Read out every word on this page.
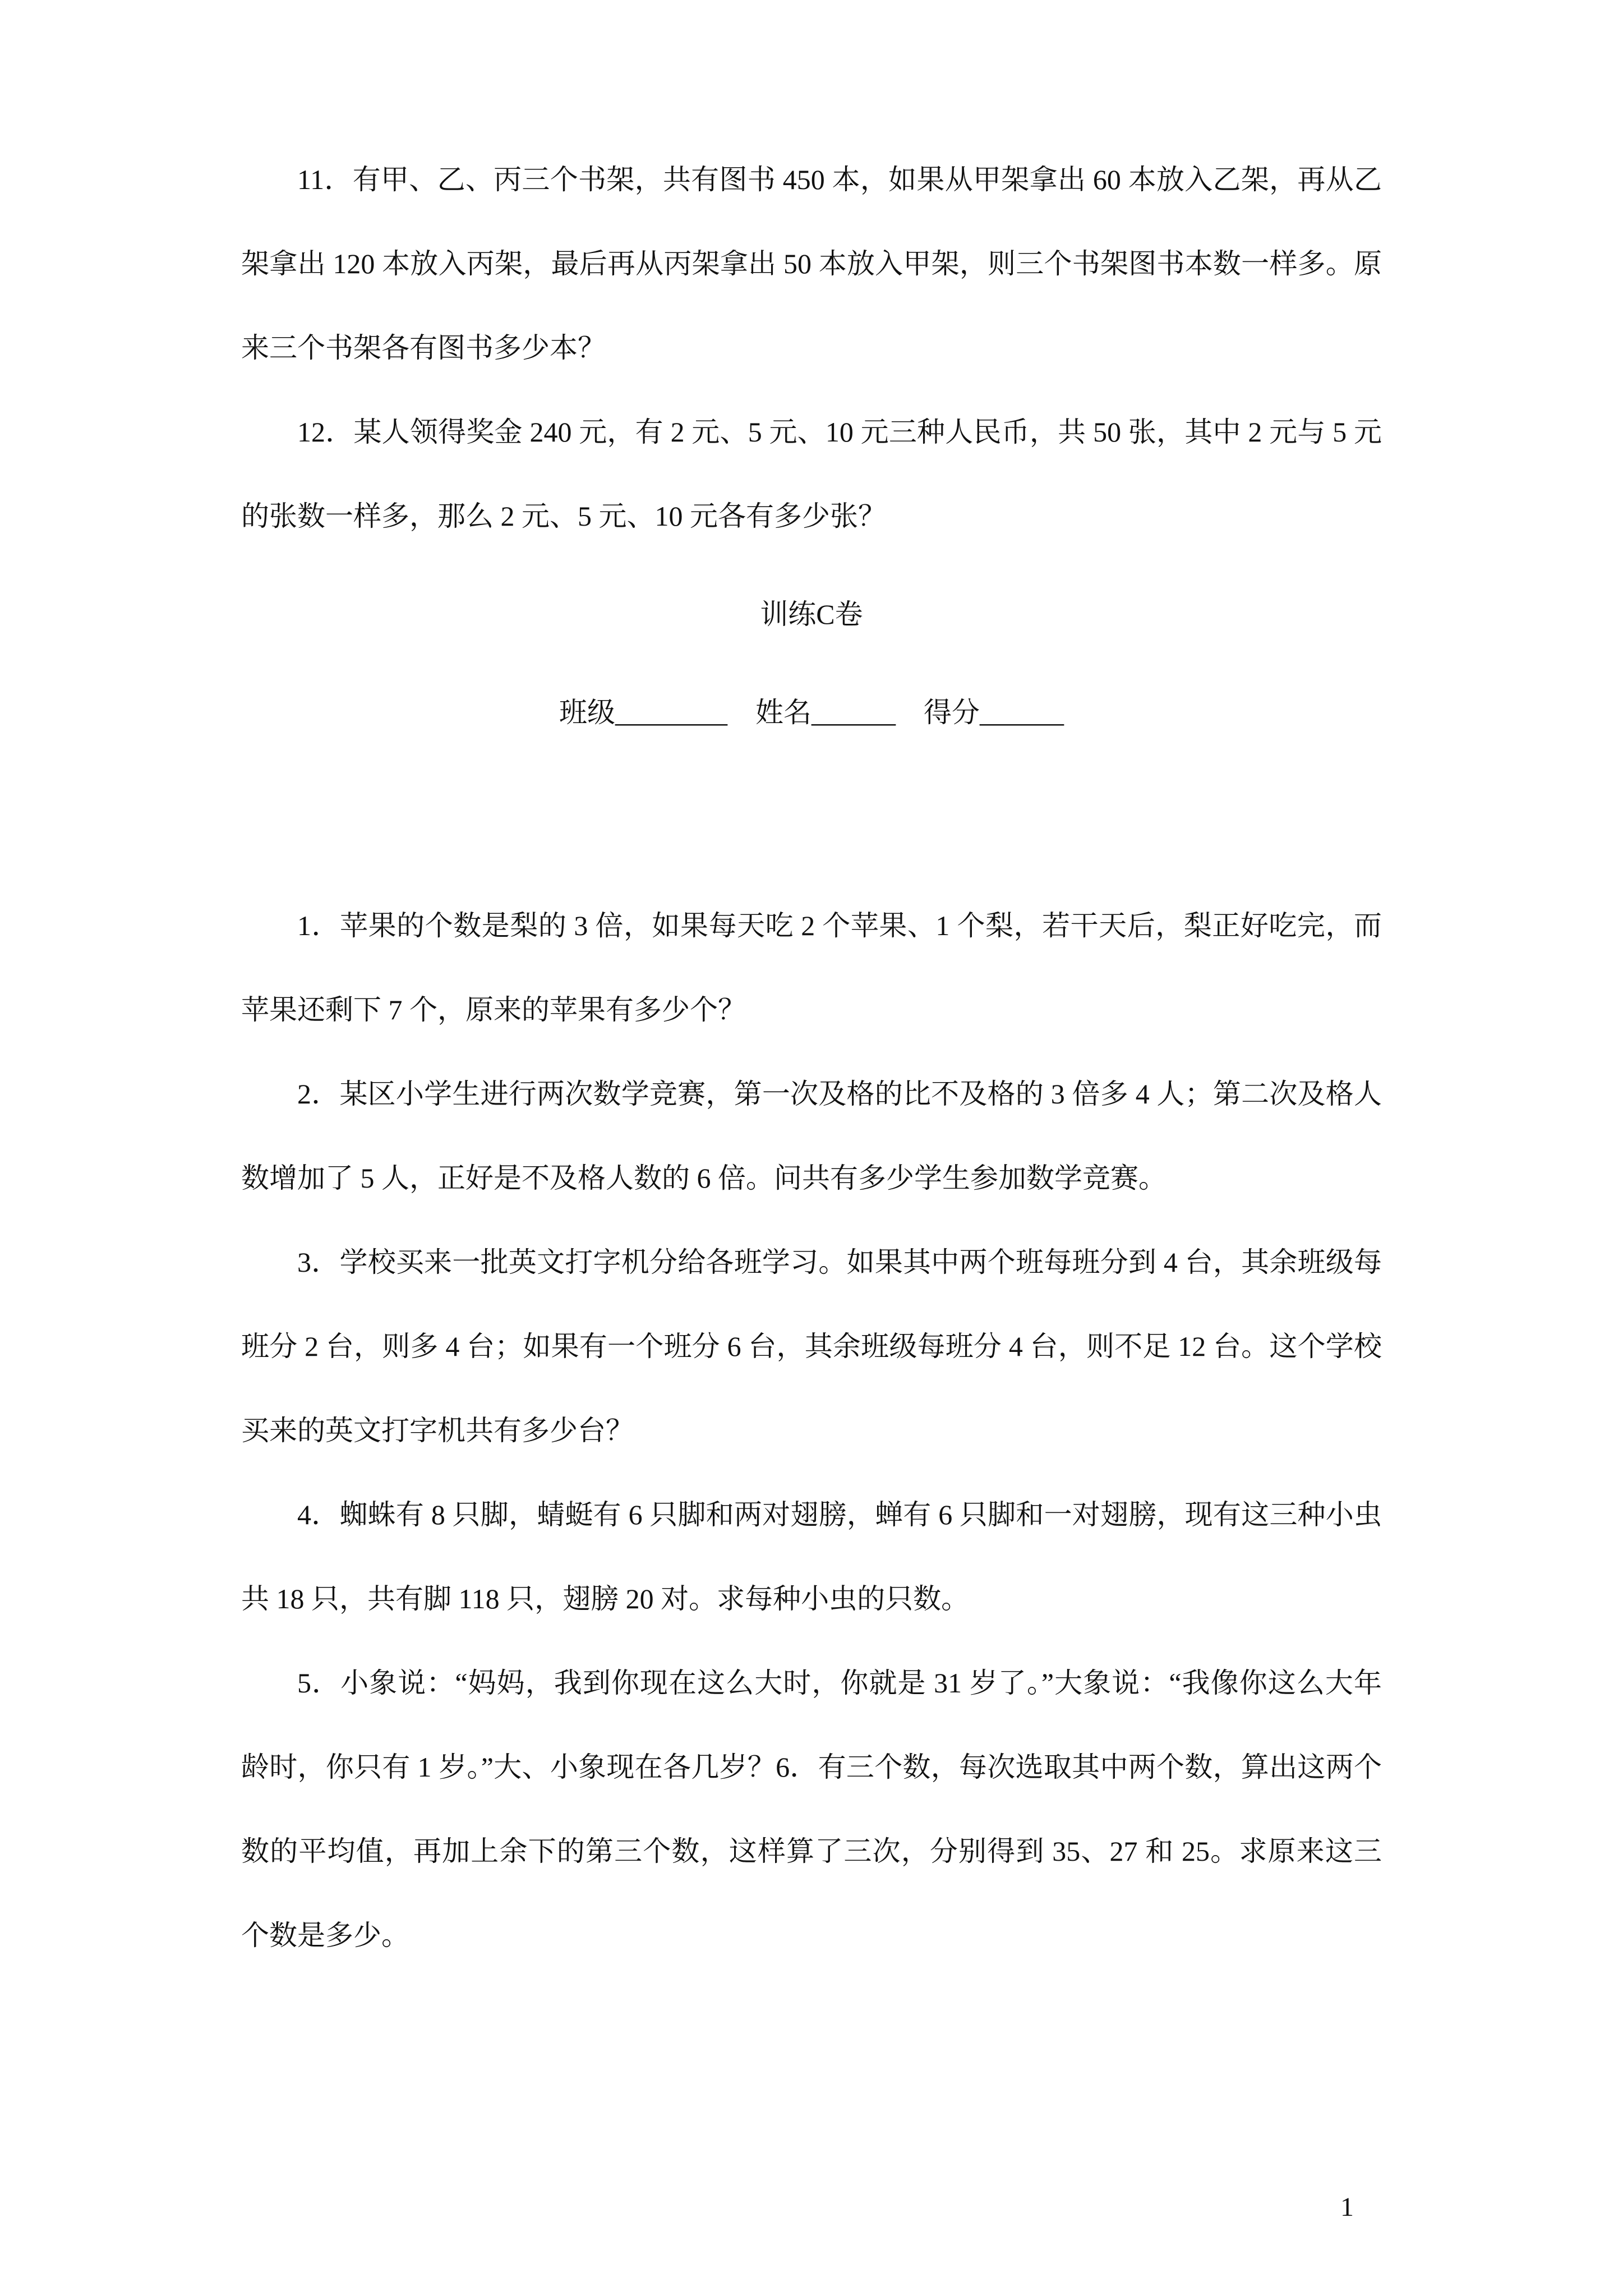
11．有甲、乙、丙三个书架，共有图书 450 本，如果从甲架拿出 60 本放入乙架，再从乙架拿出 120 本放入丙架，最后再从丙架拿出 50 本放入甲架，则三个书架图书本数一样多。原来三个书架各有图书多少本？

12．某人领得奖金 240 元，有 2 元、5 元、10 元三种人民币，共 50 张，其中 2 元与 5 元的张数一样多，那么 2 元、5 元、10 元各有多少张？

训练C卷

班级________　姓名______　得分______

1．苹果的个数是梨的 3 倍，如果每天吃 2 个苹果、1 个梨，若干天后，梨正好吃完，而苹果还剩下 7 个，原来的苹果有多少个？

2．某区小学生进行两次数学竞赛，第一次及格的比不及格的 3 倍多 4 人；第二次及格人数增加了 5 人，正好是不及格人数的 6 倍。问共有多少学生参加数学竞赛。

3．学校买来一批英文打字机分给各班学习。如果其中两个班每班分到 4 台，其余班级每班分 2 台，则多 4 台；如果有一个班分 6 台，其余班级每班分 4 台，则不足 12 台。这个学校买来的英文打字机共有多少台？

4．蜘蛛有 8 只脚，蜻蜓有 6 只脚和两对翅膀，蝉有 6 只脚和一对翅膀，现有这三种小虫共 18 只，共有脚 118 只，翅膀 20 对。求每种小虫的只数。

5．小象说：“妈妈，我到你现在这么大时，你就是 31 岁了。”大象说：“我像你这么大年龄时，你只有 1 岁。”大、小象现在各几岁？6．有三个数，每次选取其中两个数，算出这两个数的平均值，再加上余下的第三个数，这样算了三次，分别得到 35、27 和 25。求原来这三个数是多少。

1
